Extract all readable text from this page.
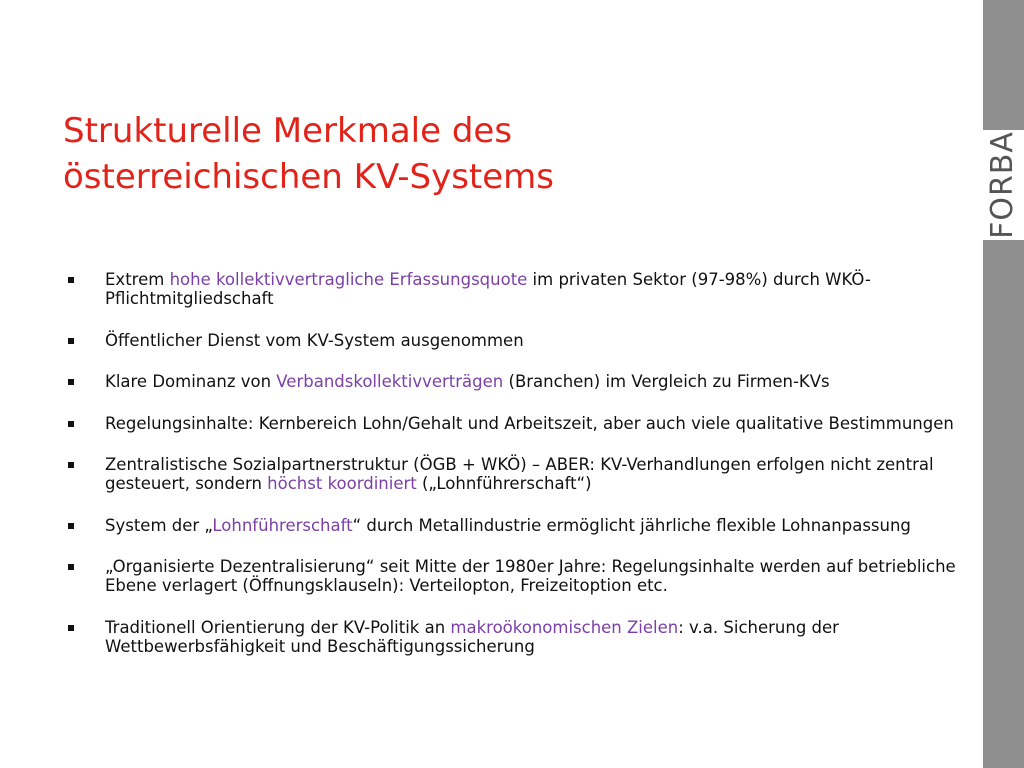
Strukturelle Merkmale des
österreichischen KV-Systems
Extrem hohe kollektivvertragliche Erfassungsquote im privaten Sektor (97-98%) durch WKÖ-Pflichtmitgliedschaft
Öffentlicher Dienst vom KV-System ausgenommen
Klare Dominanz von Verbandskollektivverträgen (Branchen) im Vergleich zu Firmen-KVs
Regelungsinhalte: Kernbereich Lohn/Gehalt und Arbeitszeit, aber auch viele qualitative Bestimmungen
Zentralistische Sozialpartnerstruktur (ÖGB + WKÖ) – ABER: KV-Verhandlungen erfolgen nicht zentral gesteuert, sondern höchst koordiniert („Lohnführerschaft“)
System der „Lohnführerschaft“ durch Metallindustrie ermöglicht jährliche flexible Lohnanpassung
„Organisierte Dezentralisierung“ seit Mitte der 1980er Jahre: Regelungsinhalte werden auf betriebliche Ebene verlagert (Öffnungsklauseln): Verteilopton, Freizeitoption etc.
Traditionell Orientierung der KV-Politik an makroökonomischen Zielen: v.a. Sicherung der Wettbewerbsfähigkeit und Beschäftigungssicherung
FORBA
